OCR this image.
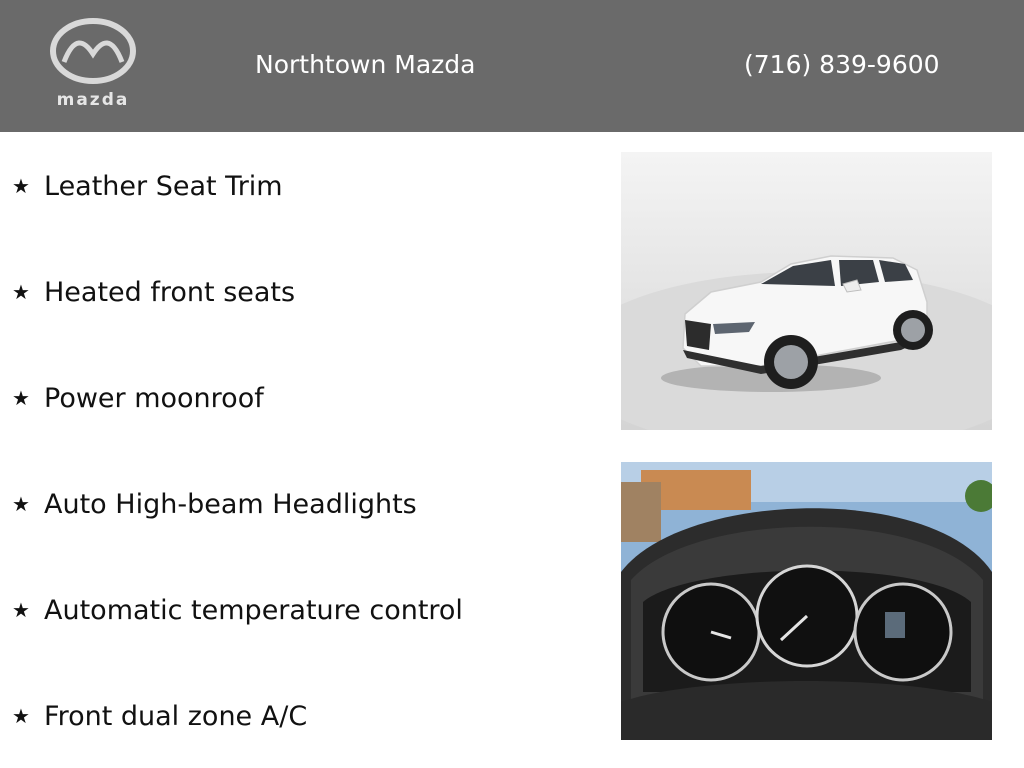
mazda
Northtown Mazda	(716) 839-9600
★ Leather Seat Trim
★ Heated front seats
★ Power moonroof
★ Auto High-beam Headlights
★ Automatic temperature control
★ Front dual zone A/C
